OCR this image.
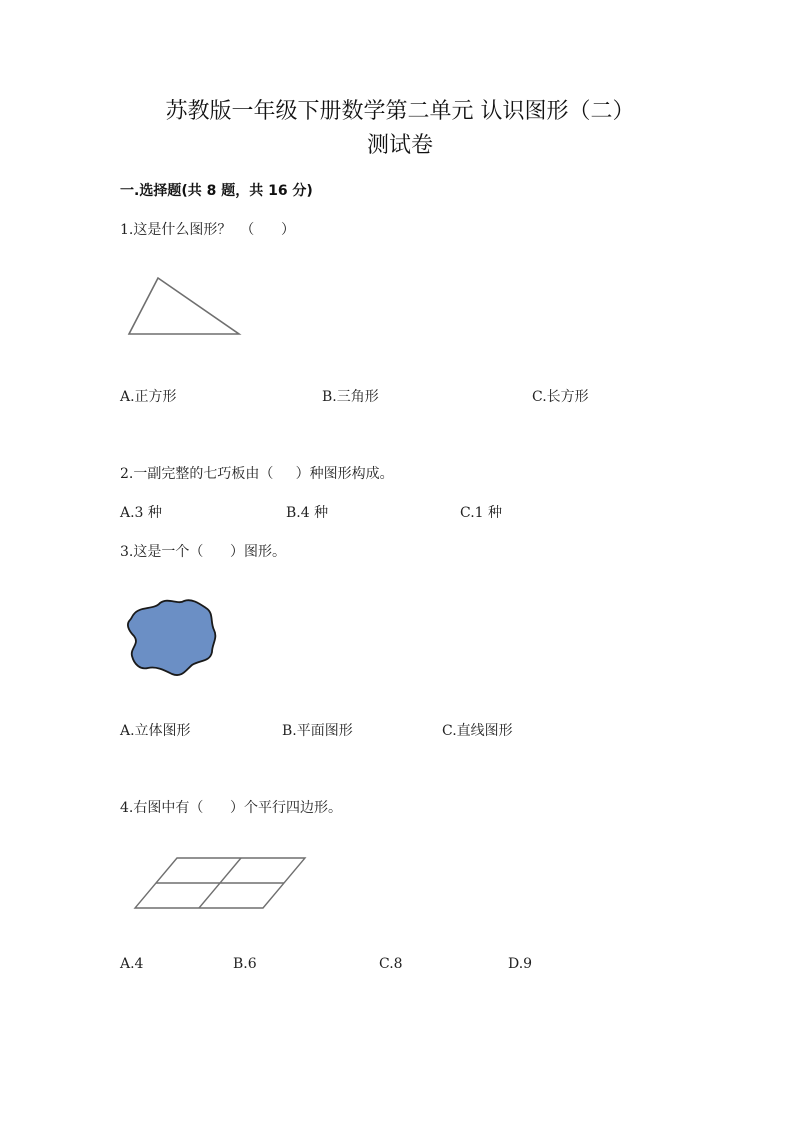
苏教版一年级下册数学第二单元 认识图形（二）
测试卷
一.选择题(共 8 题，共 16 分)
1.这是什么图形？  （      ）
A.正方形	B.三角形	C.长方形
2.一副完整的七巧板由（     ）种图形构成。
A.3 种	B.4 种	C.1 种
3.这是一个（      ）图形。
A.立体图形	B.平面图形	C.直线图形
4.右图中有（      ）个平行四边形。
A.4	B.6	C.8	D.9
